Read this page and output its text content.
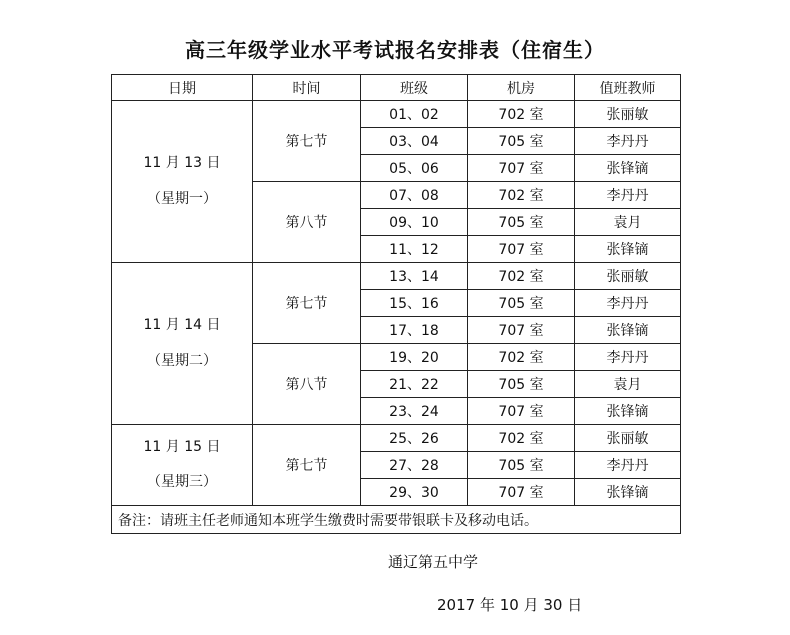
高三年级学业水平考试报名安排表（住宿生）
日期	时间	班级	机房	值班教师

11 月 13 日
（星期一）	第七节	01、02	702 室	张丽敏
		03、04	705 室	李丹丹
		05、06	707 室	张锋镝
	第八节	07、08	702 室	李丹丹
		09、10	705 室	袁月
		11、12	707 室	张锋镝

11 月 14 日
（星期二）	第七节	13、14	702 室	张丽敏
		15、16	705 室	李丹丹
		17、18	707 室	张锋镝
	第八节	19、20	702 室	李丹丹
		21、22	705 室	袁月
		23、24	707 室	张锋镝

11 月 15 日
（星期三）	第七节	25、26	702 室	张丽敏
		27、28	705 室	李丹丹
		29、30	707 室	张锋镝
备注：请班主任老师通知本班学生缴费时需要带银联卡及移动电话。				
通辽第五中学
2017 年 10 月 30 日
